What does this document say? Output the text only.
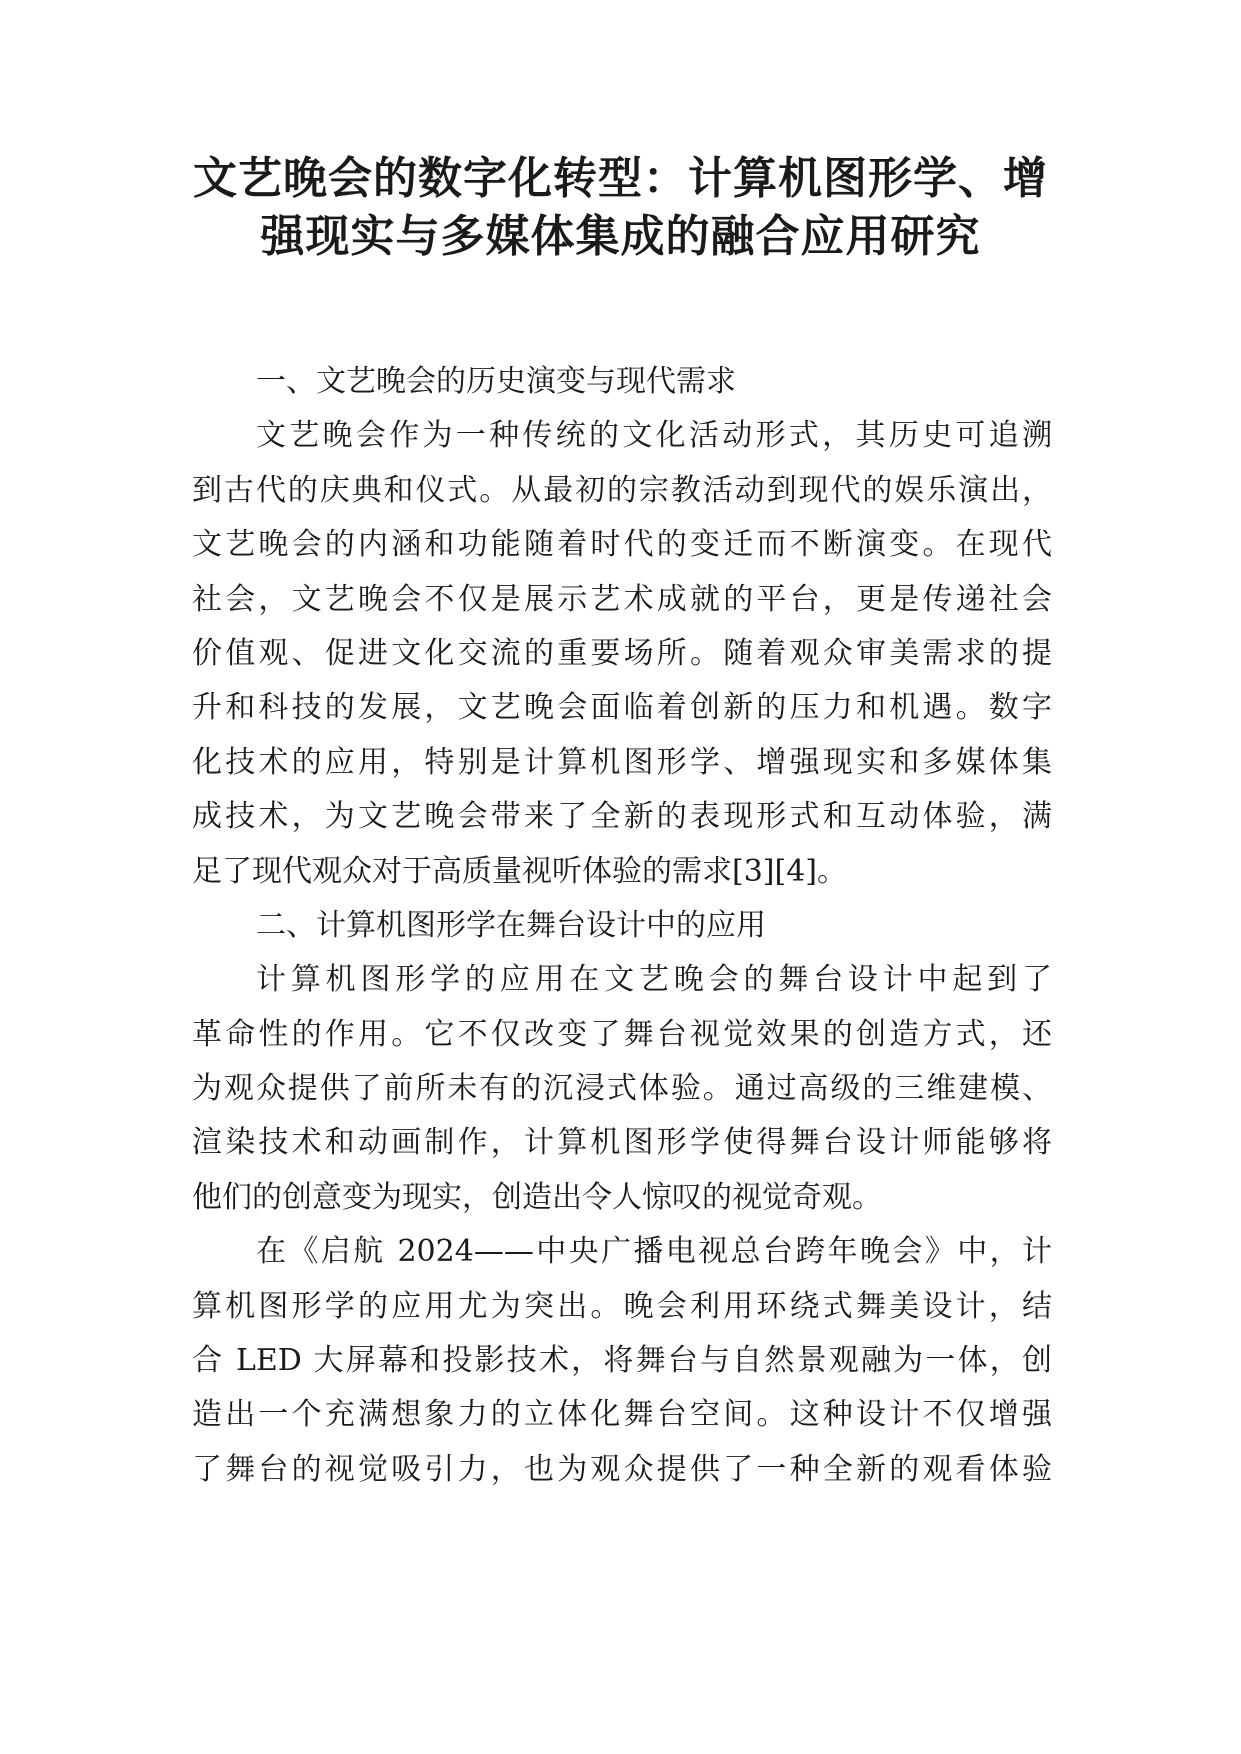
文艺晚会的数字化转型：计算机图形学、增
强现实与多媒体集成的融合应用研究
一、文艺晚会的历史演变与现代需求
文艺晚会作为一种传统的文化活动形式，其历史可追溯
到古代的庆典和仪式。从最初的宗教活动到现代的娱乐演出，
文艺晚会的内涵和功能随着时代的变迁而不断演变。在现代
社会，文艺晚会不仅是展示艺术成就的平台，更是传递社会
价值观、促进文化交流的重要场所。随着观众审美需求的提
升和科技的发展，文艺晚会面临着创新的压力和机遇。数字
化技术的应用，特别是计算机图形学、增强现实和多媒体集
成技术，为文艺晚会带来了全新的表现形式和互动体验，满
足了现代观众对于高质量视听体验的需求[3][4]。
二、计算机图形学在舞台设计中的应用
计算机图形学的应用在文艺晚会的舞台设计中起到了
革命性的作用。它不仅改变了舞台视觉效果的创造方式，还
为观众提供了前所未有的沉浸式体验。通过高级的三维建模、
渲染技术和动画制作，计算机图形学使得舞台设计师能够将
他们的创意变为现实，创造出令人惊叹的视觉奇观。
在《启航 2024——中央广播电视总台跨年晚会》中，计
算机图形学的应用尤为突出。晚会利用环绕式舞美设计，结
合 LED 大屏幕和投影技术，将舞台与自然景观融为一体，创
造出一个充满想象力的立体化舞台空间。这种设计不仅增强
了舞台的视觉吸引力，也为观众提供了一种全新的观看体验
